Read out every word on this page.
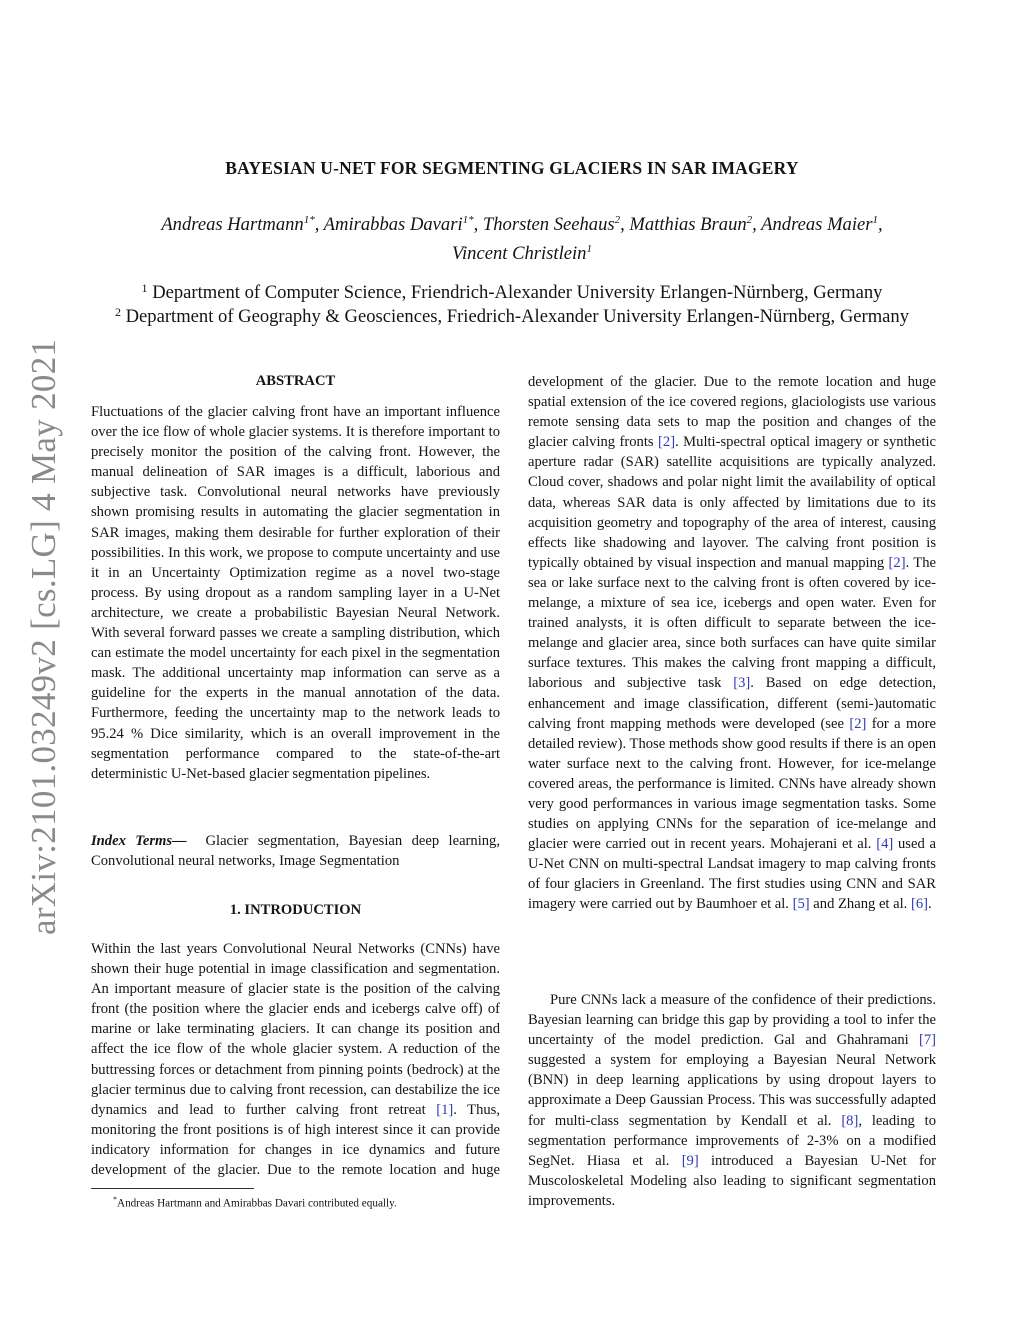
arXiv:2101.03249v2 [cs.LG] 4 May 2021
BAYESIAN U-NET FOR SEGMENTING GLACIERS IN SAR IMAGERY
Andreas Hartmann$^{1*}$, Amirabbas Davari$^{1*}$, Thorsten Seehaus$^2$, Matthias Braun$^2$, Andreas Maier$^1$,
Vincent Christlein$^1$
$^1$ Department of Computer Science, Friendrich-Alexander University Erlangen-Nürnberg, Germany
$^2$ Department of Geography & Geosciences, Friedrich-Alexander University Erlangen-Nürnberg, Germany
ABSTRACT

Fluctuations of the glacier calving front have an important influence over the ice flow of whole glacier systems. It is therefore important to precisely monitor the position of the calving front. However, the manual delineation of SAR images is a difficult, laborious and subjective task. Convolutional neural networks have previously shown promising results in automating the glacier segmentation in SAR images, making them desirable for further exploration of their possibilities. In this work, we propose to compute uncertainty and use it in an Uncertainty Optimization regime as a novel two-stage process. By using dropout as a random sampling layer in a U-Net architecture, we create a probabilistic Bayesian Neural Network. With several forward passes we create a sampling distribution, which can estimate the model uncertainty for each pixel in the segmentation mask. The additional uncertainty map information can serve as a guideline for the experts in the manual annotation of the data. Furthermore, feeding the uncertainty map to the network leads to 95.24 % Dice similarity, which is an overall improvement in the segmentation performance compared to the state-of-the-art deterministic U-Net-based glacier segmentation pipelines.

Index Terms— Glacier segmentation, Bayesian deep learning, Convolutional neural networks, Image Segmentation

1. INTRODUCTION

Within the last years Convolutional Neural Networks (CNNs) have shown their huge potential in image classification and segmentation. An important measure of glacier state is the position of the calving front (the position where the glacier ends and icebergs calve off) of marine or lake terminating glaciers. It can change its position and affect the ice flow of the whole glacier system. A reduction of the buttressing forces or detachment from pinning points (bedrock) at the glacier terminus due to calving front recession, can destabilize the ice dynamics and lead to further calving front retreat [1]. Thus, monitoring the front positions is of high interest since it can provide indicatory information for changes in ice dynamics and future development of the glacier. Due to the remote location and huge

*Andreas Hartmann and Amirabbas Davari contributed equally.

development of the glacier. Due to the remote location and huge spatial extension of the ice covered regions, glaciologists use various remote sensing data sets to map the position and changes of the glacier calving fronts [2]. Multi-spectral optical imagery or synthetic aperture radar (SAR) satellite acquisitions are typically analyzed. Cloud cover, shadows and polar night limit the availability of optical data, whereas SAR data is only affected by limitations due to its acquisition geometry and topography of the area of interest, causing effects like shadowing and layover. The calving front position is typically obtained by visual inspection and manual mapping [2]. The sea or lake surface next to the calving front is often covered by ice-melange, a mixture of sea ice, icebergs and open water. Even for trained analysts, it is often difficult to separate between the ice-melange and glacier area, since both surfaces can have quite similar surface textures. This makes the calving front mapping a difficult, laborious and subjective task [3]. Based on edge detection, enhancement and image classification, different (semi-)automatic calving front mapping methods were developed (see [2] for a more detailed review). Those methods show good results if there is an open water surface next to the calving front. However, for ice-melange covered areas, the performance is limited. CNNs have already shown very good performances in various image segmentation tasks. Some studies on applying CNNs for the separation of ice-melange and glacier were carried out in recent years. Mohajerani et al. [4] used a U-Net CNN on multi-spectral Landsat imagery to map calving fronts of four glaciers in Greenland. The first studies using CNN and SAR imagery were carried out by Baumhoer et al. [5] and Zhang et al. [6].

Pure CNNs lack a measure of the confidence of their predictions. Bayesian learning can bridge this gap by providing a tool to infer the uncertainty of the model prediction. Gal and Ghahramani [7] suggested a system for employing a Bayesian Neural Network (BNN) in deep learning applications by using dropout layers to approximate a Deep Gaussian Process. This was successfully adapted for multi-class segmentation by Kendall et al. [8], leading to segmentation performance improvements of 2-3% on a modified SegNet. Hiasa et al. [9] introduced a Bayesian U-Net for Muscoloskeletal Modeling also leading to significant segmentation improvements.
